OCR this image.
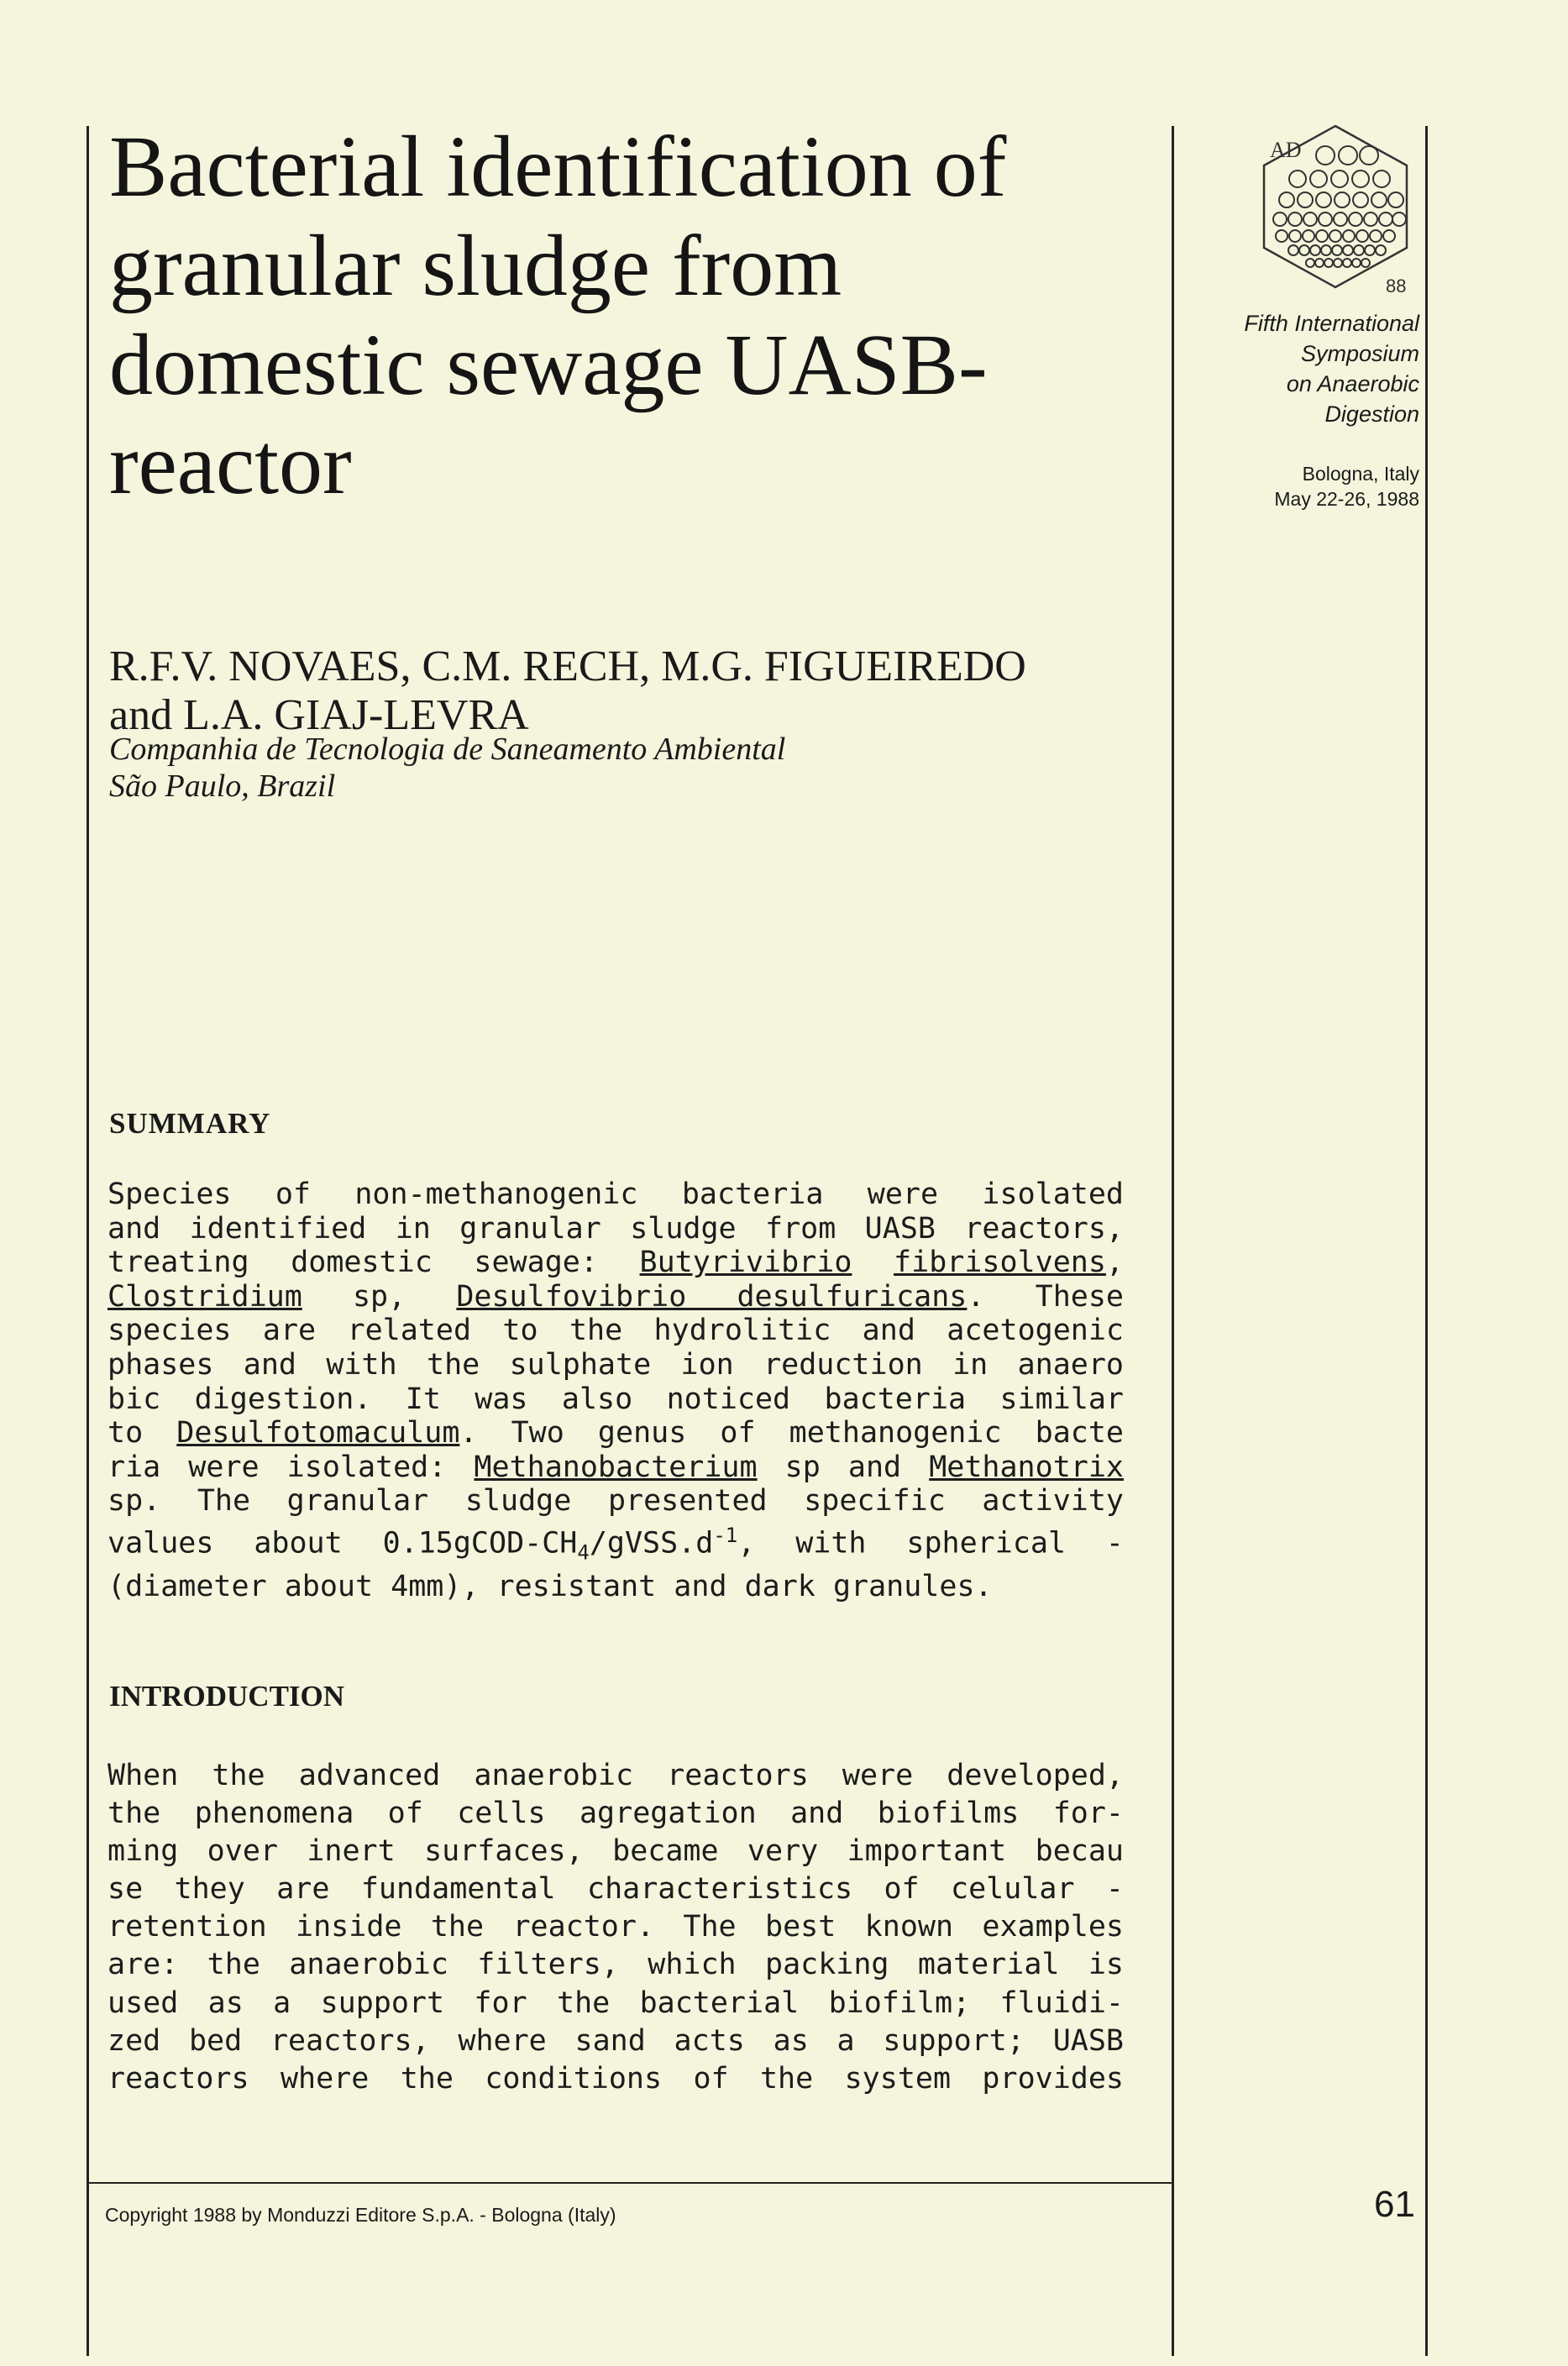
Bacterial identification of granular sludge from domestic sewage UASB-reactor
AD
88
Fifth International
Symposium
on Anaerobic
Digestion
Bologna, Italy
May 22-26, 1988
R.F.V. NOVAES, C.M. RECH, M.G. FIGUEIREDO
and L.A. GIAJ-LEVRA
Companhia de Tecnologia de Saneamento Ambiental
São Paulo, Brazil
SUMMARY
Species of non-methanogenic bacteria were isolated
and identified in granular sludge from UASB reactors,
treating domestic sewage: Butyrivibrio fibrisolvens,
Clostridium sp, Desulfovibrio desulfuricans. These
species are related to the hydrolitic and acetogenic
phases and with the sulphate ion reduction in anaero
bic digestion. It was also noticed bacteria similar
to Desulfotomaculum. Two genus of methanogenic bacte
ria were isolated: Methanobacterium sp and Methanotrix
sp. The granular sludge presented specific activity
values about $0.15gCOD-CH_4/gVSS.d^{-1}$, with spherical -
(diameter about 4mm), resistant and dark granules.
INTRODUCTION
When the advanced anaerobic reactors were developed,
the phenomena of cells agregation and biofilms for-
ming over inert surfaces, became very important becau
se they are fundamental characteristics of celular -
retention inside the reactor. The best known examples
are: the anaerobic filters, which packing material is
used as a support for the bacterial biofilm; fluidi-
zed bed reactors, where sand acts as a support; UASB
reactors where the conditions of the system provides
Copyright 1988 by Monduzzi Editore S.p.A. - Bologna (Italy)	61
